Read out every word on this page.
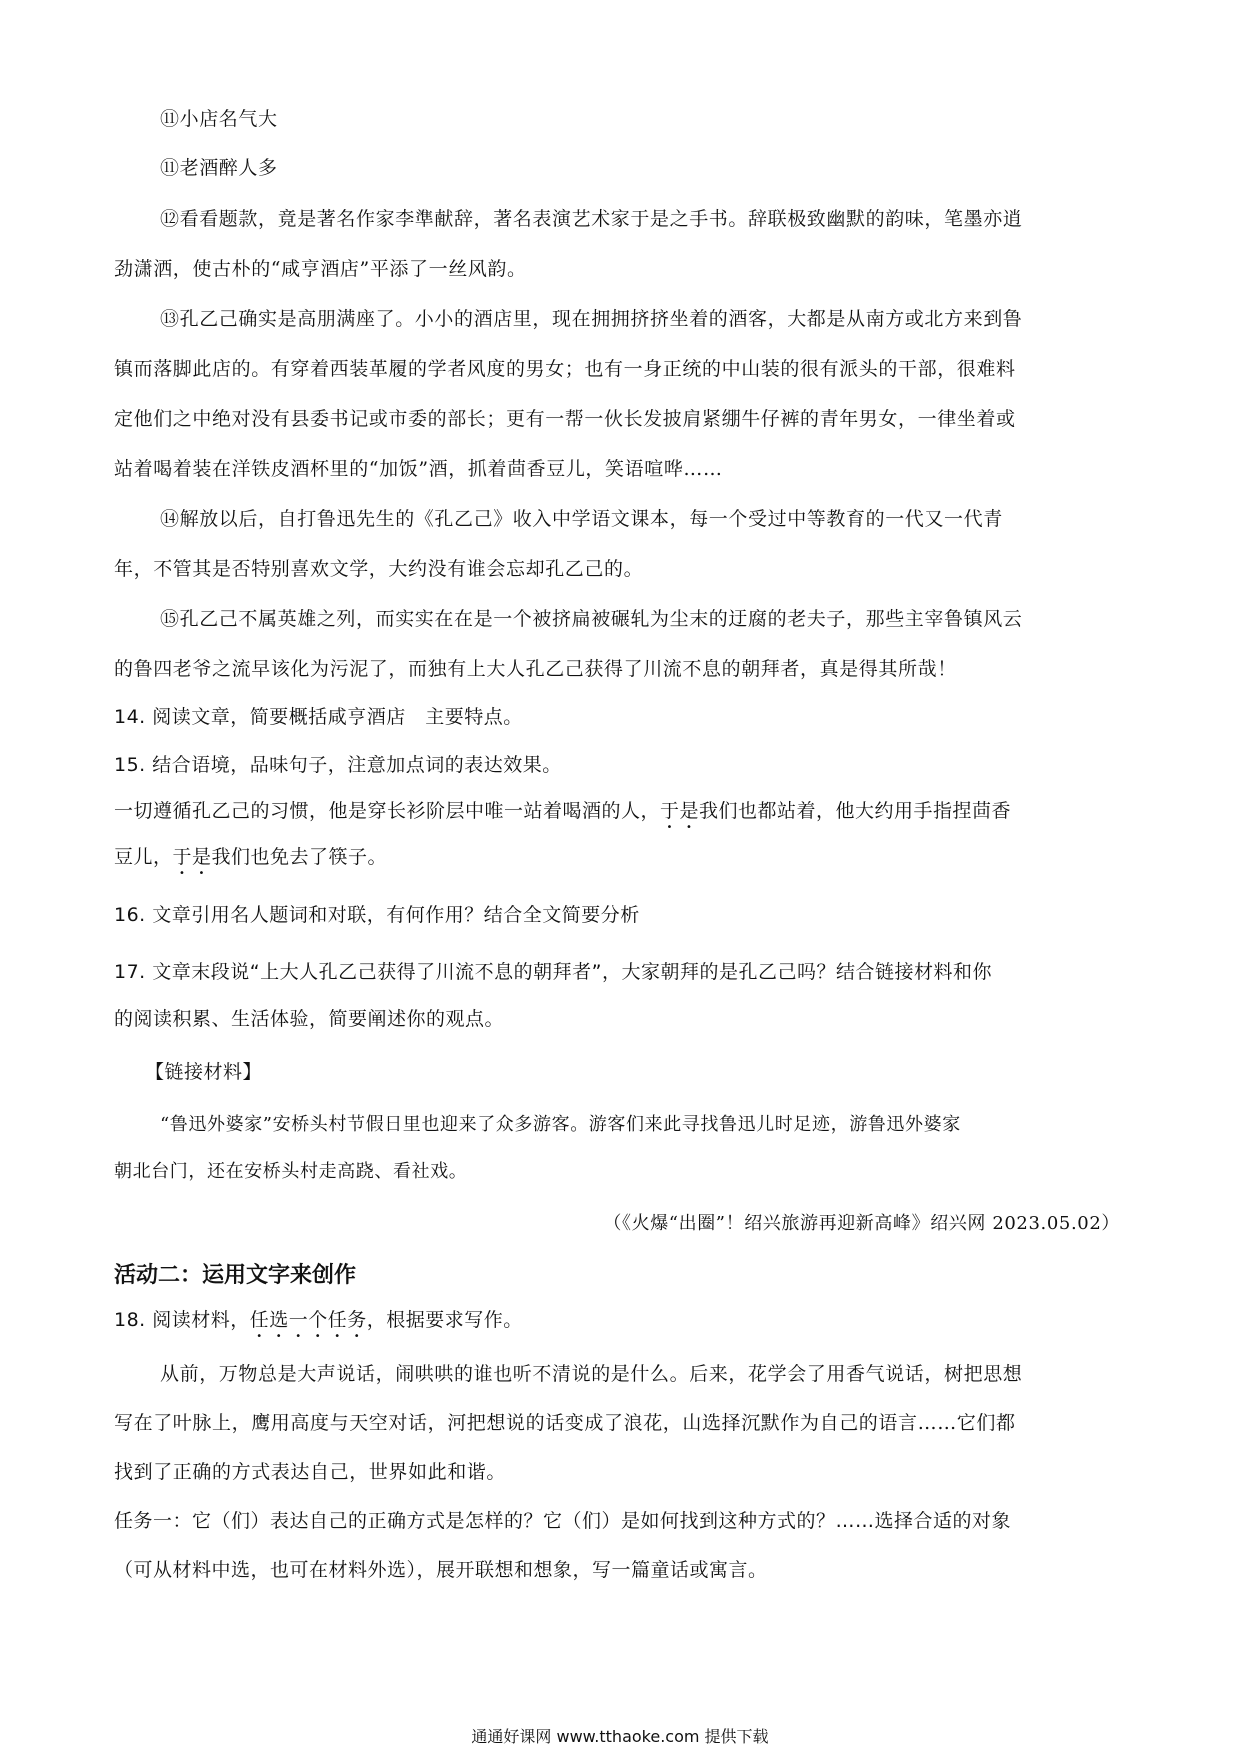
⑪小店名气大
⑪老酒醉人多
⑫看看题款，竟是著名作家李準献辞，著名表演艺术家于是之手书。辞联极致幽默的韵味，笔墨亦逍
劲潇洒，使古朴的“咸亨酒店”平添了一丝风韵。
⑬孔乙己确实是高朋满座了。小小的酒店里，现在拥拥挤挤坐着的酒客，大都是从南方或北方来到鲁
镇而落脚此店的。有穿着西装革履的学者风度的男女；也有一身正统的中山装的很有派头的干部，很难料
定他们之中绝对没有县委书记或市委的部长；更有一帮一伙长发披肩紧绷牛仔裤的青年男女，一律坐着或
站着喝着装在洋铁皮酒杯里的“加饭”酒，抓着茴香豆儿，笑语喧哗……
⑭解放以后，自打鲁迅先生的《孔乙己》收入中学语文课本，每一个受过中等教育的一代又一代青
年，不管其是否特别喜欢文学，大约没有谁会忘却孔乙己的。
⑮孔乙己不属英雄之列，而实实在在是一个被挤扁被碾轧为尘末的迂腐的老夫子，那些主宰鲁镇风云
的鲁四老爷之流早该化为污泥了，而独有上大人孔乙己获得了川流不息的朝拜者，真是得其所哉！
14. 阅读文章，简要概括咸亨酒店　主要特点。
15. 结合语境，品味句子，注意加点词的表达效果。
一切遵循孔乙己的习惯，他是穿长衫阶层中唯一站着喝酒的人，于是我们也都站着，他大约用手指捏茴香
豆儿，于是我们也免去了筷子。
16. 文章引用名人题词和对联，有何作用？结合全文简要分析
17. 文章末段说“上大人孔乙己获得了川流不息的朝拜者”，大家朝拜的是孔乙己吗？结合链接材料和你
的阅读积累、生活体验，简要阐述你的观点。
【链接材料】
“鲁迅外婆家”安桥头村节假日里也迎来了众多游客。游客们来此寻找鲁迅儿时足迹，游鲁迅外婆家
朝北台门，还在安桥头村走高跷、看社戏。
（《火爆“出圈”！绍兴旅游再迎新高峰》绍兴网 2023.05.02）
活动二：运用文字来创作
18. 阅读材料，任选一个任务，根据要求写作。
从前，万物总是大声说话，闹哄哄的谁也听不清说的是什么。后来，花学会了用香气说话，树把思想
写在了叶脉上，鹰用高度与天空对话，河把想说的话变成了浪花，山选择沉默作为自己的语言……它们都
找到了正确的方式表达自己，世界如此和谐。
任务一：它（们）表达自己的正确方式是怎样的？它（们）是如何找到这种方式的？……选择合适的对象
（可从材料中选，也可在材料外选），展开联想和想象，写一篇童话或寓言。
通通好课网 www.tthaoke.com 提供下载
